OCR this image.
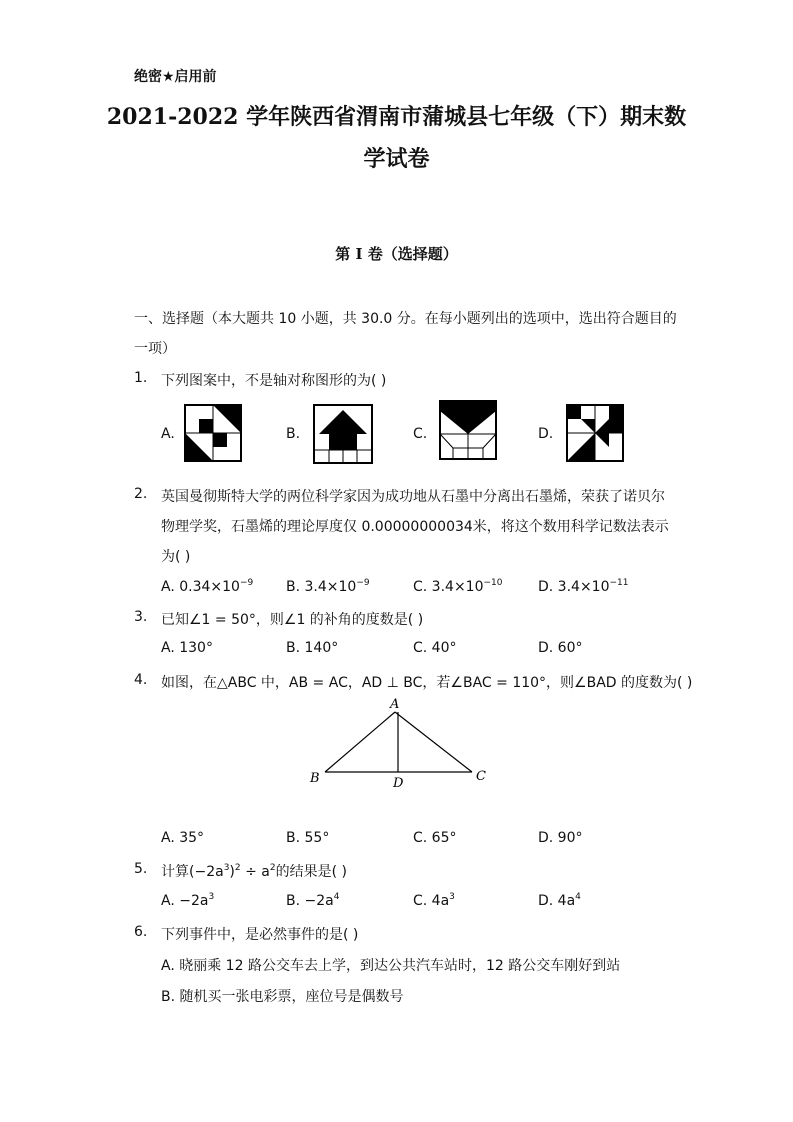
绝密★启用前
2021-2022 学年陕西省渭南市蒲城县七年级（下）期末数
学试卷
第 I 卷（选择题）
一、选择题（本大题共 10 小题，共 30.0 分。在每小题列出的选项中，选出符合题目的
一项）
1. 下列图案中，不是轴对称图形的为( )
A.	B.	C.	D.
2. 英国曼彻斯特大学的两位科学家因为成功地从石墨中分离出石墨烯，荣获了诺贝尔
物理学奖，石墨烯的理论厚度仅 0.00000000034米，将这个数用科学记数法表示
为( )
A. $0.34\times 10^{-9}$ B. $3.4\times 10^{-9}$	C. $3.4\times 10^{-10}$	D. $3.4\times 10^{-11}$
3. 已知∠1 = 50°，则∠1 的补角的度数是( )
A. 130°	B. 140°	C. 40°	D. 60°
4. 如图，在△ABC 中，AB = AC，AD ⊥ BC，若∠BAC = 110°，则∠BAD 的度数为( )
A
B	C
D
A. 35°	B. 55°	C. 65°	D. 90°
5. 计算$(-2a^3)^2 \div a^2$的结果是( )
A. $-2a^3$	B. $-2a^4$	C. $4a^3$	D. $4a^4$
6. 下列事件中，是必然事件的是( )
A. 晓丽乘 12 路公交车去上学，到达公共汽车站时，12 路公交车刚好到站
B. 随机买一张电彩票，座位号是偶数号
